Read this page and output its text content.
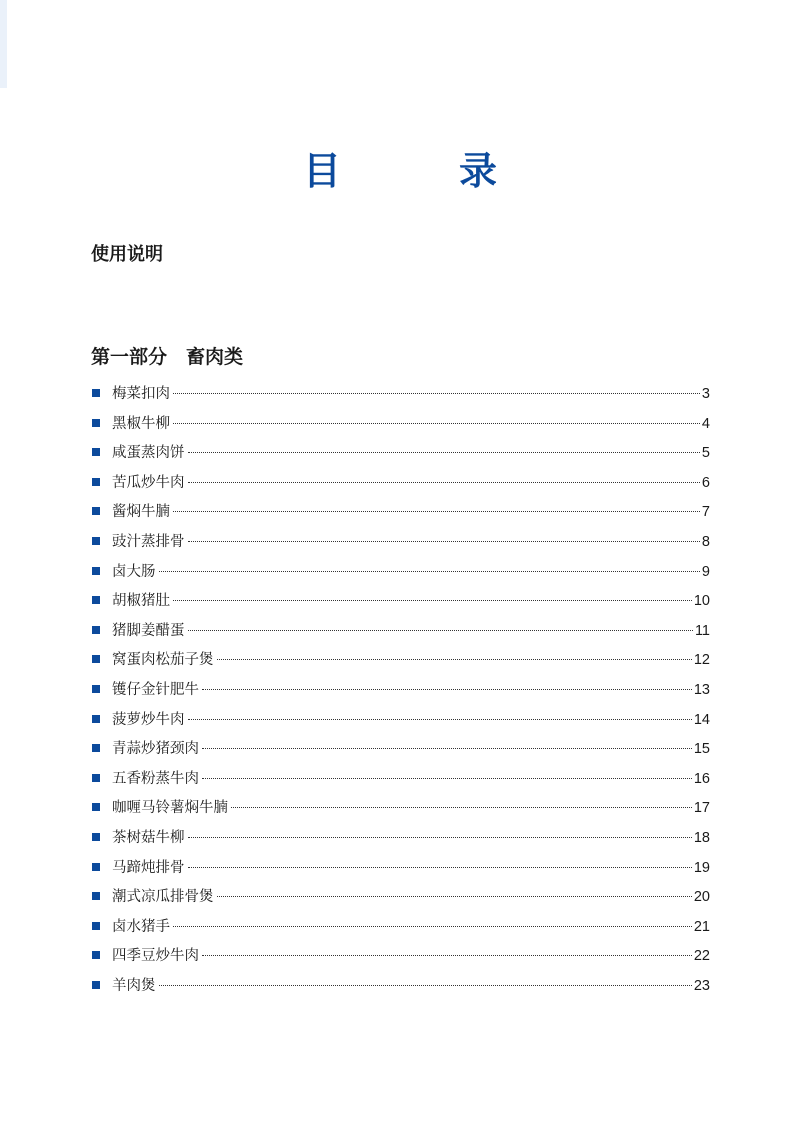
目　录
使用说明
第一部分　畜肉类
梅菜扣肉	3
黑椒牛柳	4
咸蛋蒸肉饼	5
苦瓜炒牛肉	6
酱焖牛腩	7
豉汁蒸排骨	8
卤大肠	9
胡椒猪肚	10
猪脚姜醋蛋	11
窝蛋肉松茄子煲	12
镬仔金针肥牛	13
菠萝炒牛肉	14
青蒜炒猪颈肉	15
五香粉蒸牛肉	16
咖喱马铃薯焖牛腩	17
茶树菇牛柳	18
马蹄炖排骨	19
潮式凉瓜排骨煲	20
卤水猪手	21
四季豆炒牛肉	22
羊肉煲	23
